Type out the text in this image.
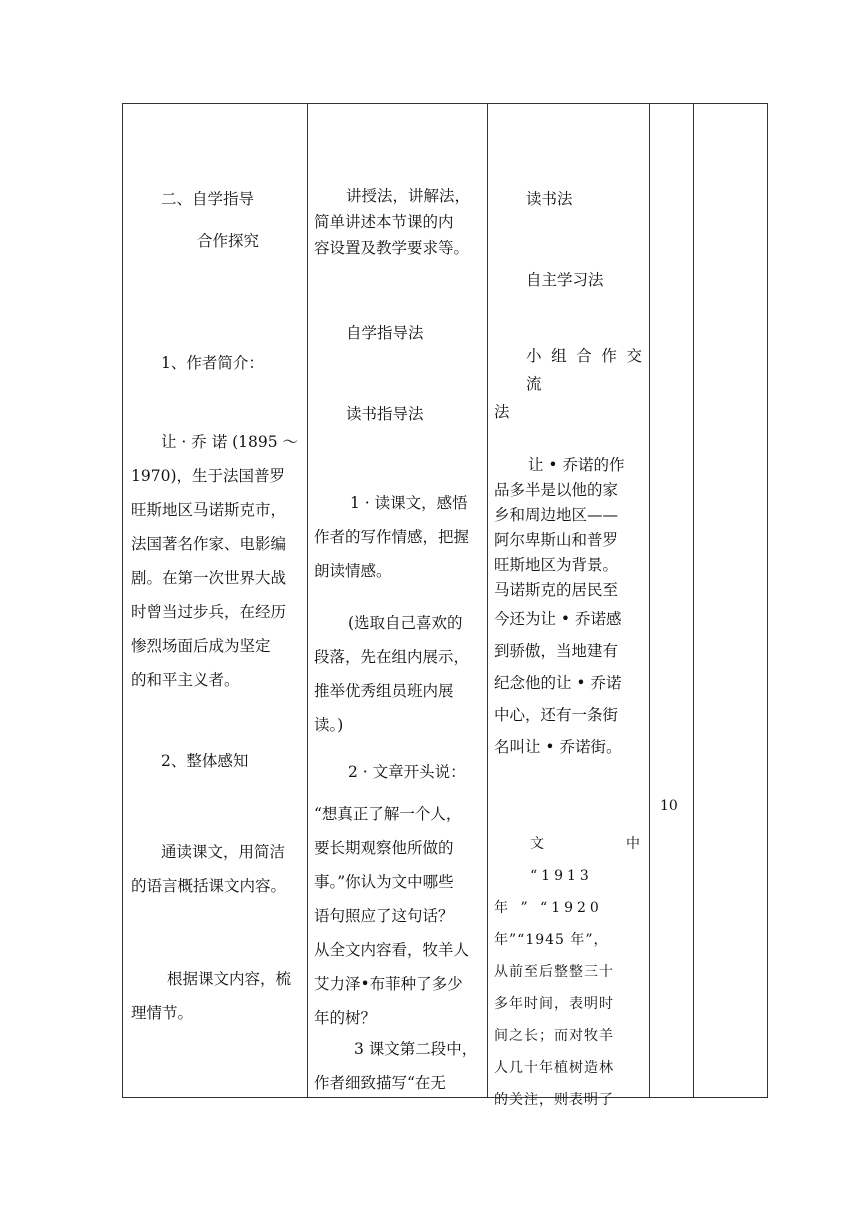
二、自学指导
合作探究
1、作者简介：
让 · 乔 诺 (1895 ～
1970)，生于法国普罗
旺斯地区马诺斯克市，
法国著名作家、电影编
剧。在第一次世界大战
时曾当过步兵，在经历
惨烈场面后成为坚定
的和平主义者。
2、整体感知
通读课文，用简洁
的语言概括课文内容。
根据课文内容，梳
理情节。
讲授法，讲解法，
简单讲述本节课的内
容设置及教学要求等。
自学指导法
读书指导法
1 · 读课文，感悟
作者的写作情感，把握
朗读情感。
(选取自己喜欢的
段落，先在组内展示，
推举优秀组员班内展
读。)
2 · 文章开头说：
“想真正了解一个人，
要长期观察他所做的
事。”你认为文中哪些
语句照应了这句话？
从全文内容看，牧羊人
艾力泽•布菲种了多少
年的树？
3 课文第二段中，
作者细致描写“在无
读书法
自主学习法
小 组 合 作 交 流
法
让 • 乔诺的作
品多半是以他的家
乡和周边地区——
阿尔卑斯山和普罗
旺斯地区为背景。
马诺斯克的居民至
今还为让 • 乔诺感
到骄傲，当地建有
纪念他的让 • 乔诺
中心，还有一条街
名叫让 • 乔诺街。
文 中 “1913
年 ” “1920
年”“1945 年”，
从前至后整整三十
多年时间，表明时
间之长；而对牧羊
人几十年植树造林
的关注，则表明了
10
